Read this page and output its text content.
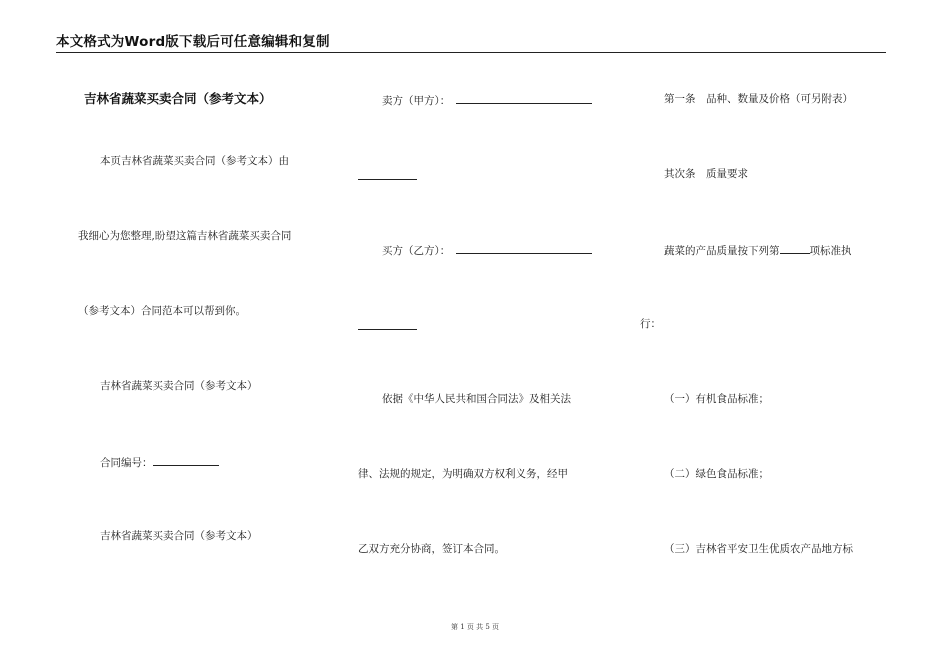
本文格式为Word版下载后可任意编辑和复制
吉林省蔬菜买卖合同（参考文本）
本页吉林省蔬菜买卖合同（参考文本）由
我细心为您整理,盼望这篇吉林省蔬菜买卖合同
（参考文本）合同范本可以帮到你。
吉林省蔬菜买卖合同（参考文本）
合同编号：
吉林省蔬菜买卖合同（参考文本）
卖方（甲方）：
买方（乙方）：
依据《中华人民共和国合同法》及相关法
律、法规的规定，为明确双方权利义务，经甲
乙双方充分协商，签订本合同。
第一条　品种、数量及价格（可另附表）
其次条　质量要求
蔬菜的产品质量按下列第	项标准执
行：
（一）有机食品标准；
（二）绿色食品标准；
（三）吉林省平安卫生优质农产品地方标
第 1 页 共 5 页
